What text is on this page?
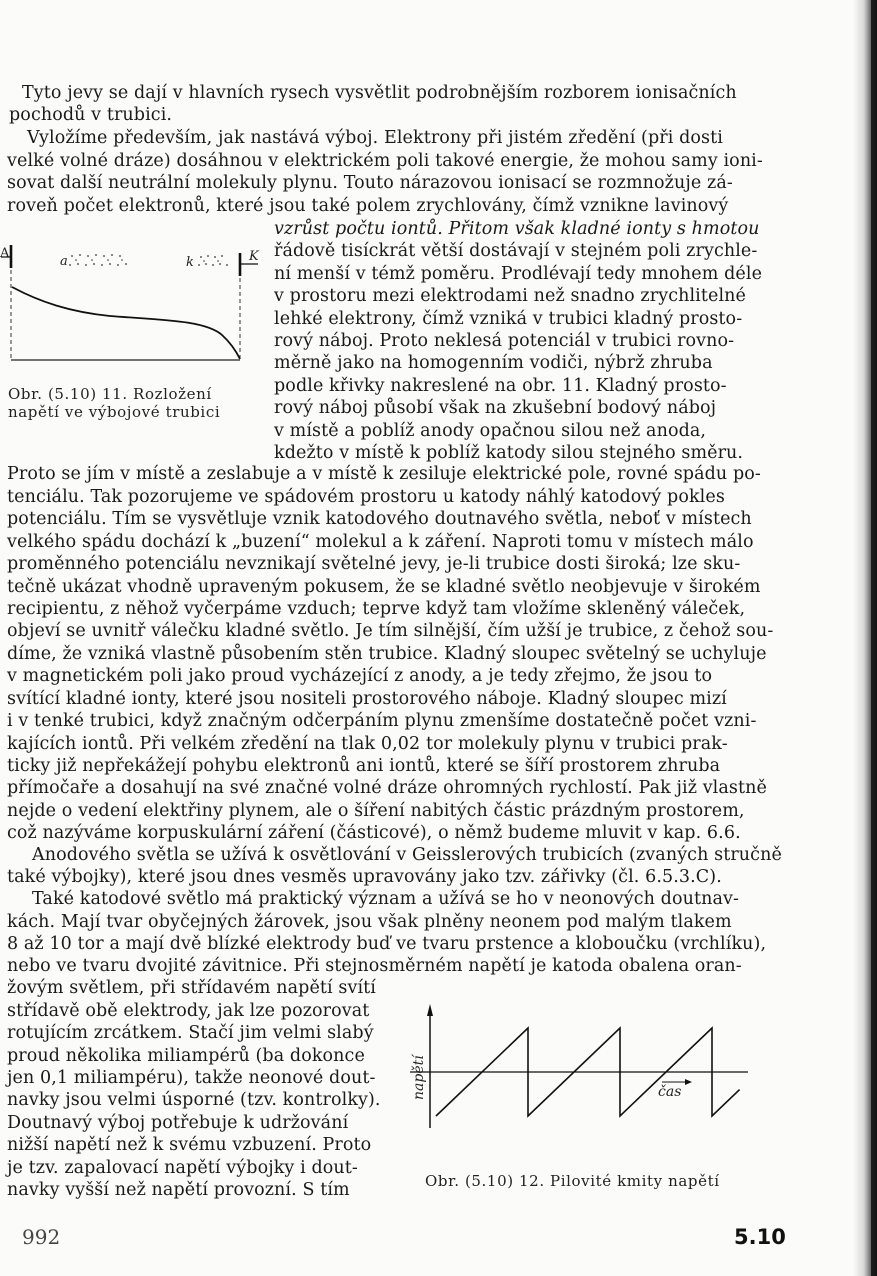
Tyto jevy se dají v hlavních rysech vysvětlit podrobnějším rozborem ionisačních

pochodů v trubici.

Vyložíme především, jak nastává výboj. Elektrony při jistém zředění (při dosti

velké volné dráze) dosáhnou v elektrickém poli takové energie, že mohou samy ioni-

sovat další neutrální molekuly plynu. Touto nárazovou ionisací se rozmnožuje zá-

roveň počet elektronů, které jsou také polem zrychlovány, čímž vznikne lavinový

vzrůst počtu iontů. Přitom však kladné ionty s hmotou

řádově tisíckrát větší dostávají v stejném poli zrychle-

ní menší v témž poměru. Prodlévají tedy mnohem déle

v prostoru mezi elektrodami než snadno zrychlitelné

lehké elektrony, čímž vzniká v trubici kladný prosto-

rový náboj. Proto neklesá potenciál v trubici rovno-

měrně jako na homogenním vodiči, nýbrž zhruba

podle křivky nakreslené na obr. 11. Kladný prosto-

rový náboj působí však na zkušební bodový náboj

v místě a poblíž anody opačnou silou než anoda,

kdežto v místě k poblíž katody silou stejného směru.

Proto se jím v místě a zeslabuje a v místě k zesiluje elektrické pole, rovné spádu po-

tenciálu. Tak pozorujeme ve spádovém prostoru u katody náhlý katodový pokles

potenciálu. Tím se vysvětluje vznik katodového doutnavého světla, neboť v místech

velkého spádu dochází k „buzení“ molekul a k záření. Naproti tomu v místech málo

proměnného potenciálu nevznikají světelné jevy, je-li trubice dosti široká; lze sku-

tečně ukázat vhodně upraveným pokusem, že se kladné světlo neobjevuje v širokém

recipientu, z něhož vyčerpáme vzduch; teprve když tam vložíme skleněný váleček,

objeví se uvnitř válečku kladné světlo. Je tím silnější, čím užší je trubice, z čehož sou-

díme, že vzniká vlastně působením stěn trubice. Kladný sloupec světelný se uchyluje

v magnetickém poli jako proud vycházející z anody, a je tedy zřejmo, že jsou to

svítící kladné ionty, které jsou nositeli prostorového náboje. Kladný sloupec mizí

i v tenké trubici, když značným odčerpáním plynu zmenšíme dostatečně počet vzni-

kajících iontů. Při velkém zředění na tlak 0,02 tor molekuly plynu v trubici prak-

ticky již nepřekážejí pohybu elektronů ani iontů, které se šíří prostorem zhruba

přímočaře a dosahují na své značné volné dráze ohromných rychlostí. Pak již vlastně

nejde o vedení elektřiny plynem, ale o šíření nabitých částic prázdným prostorem,

což nazýváme korpuskulární záření (částicové), o němž budeme mluvit v kap. 6.6.

Anodového světla se užívá k osvětlování v Geisslerových trubicích (zvaných stručně

také výbojky), které jsou dnes vesměs upravovány jako tzv. zářivky (čl. 6.5.3.C).

Také katodové světlo má praktický význam a užívá se ho v neonových doutnav-

kách. Mají tvar obyčejných žárovek, jsou však plněny neonem pod malým tlakem

8 až 10 tor a mají dvě blízké elektrody buď ve tvaru prstence a kloboučku (vrchlíku),

nebo ve tvaru dvojité závitnice. Při stejnosměrném napětí je katoda obalena oran-

žovým světlem, při střídavém napětí svítí

střídavě obě elektrody, jak lze pozorovat

rotujícím zrcátkem. Stačí jim velmi slabý

proud několika miliampérů (ba dokonce

jen 0,1 miliampéru), takže neonové dout-

navky jsou velmi úsporné (tzv. kontrolky).

Doutnavý výboj potřebuje k udržování

nižší napětí než k svému vzbuzení. Proto

je tzv. zapalovací napětí výbojky i dout-

navky vyšší než napětí provozní. S tím

A
a	k	K
Obr. (5.10) 11. Rozložení
napětí ve výbojové trubici
napětí	čas
Obr. (5.10) 12. Pilovité kmity napětí
992	5.10
